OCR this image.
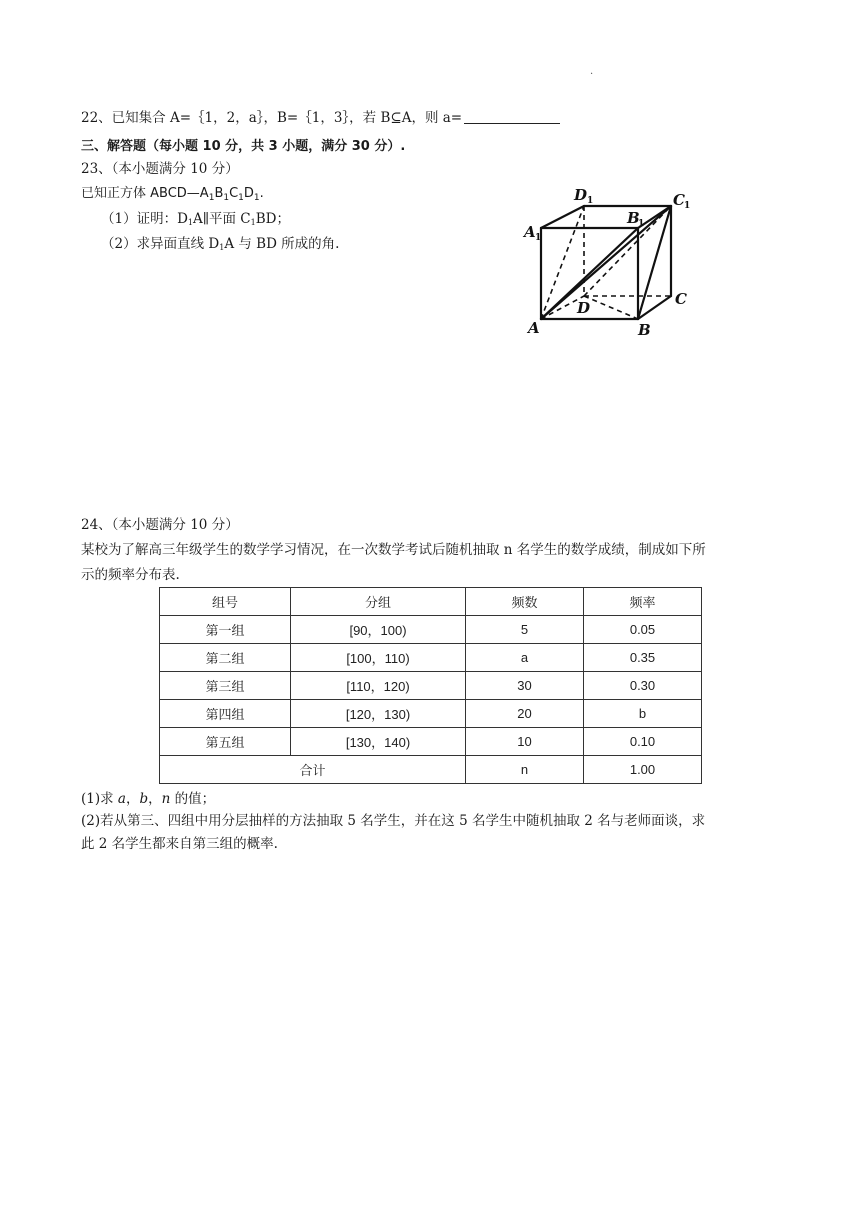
.
22、已知集合 A=｛1，2，a｝，B=｛1，3｝，若 B⊆A，则 a=
三、解答题（每小题 10 分，共 3 小题，满分 30 分）.
23、（本小题满分 10 分）
已知正方体 $ABCD—A_1B_1C_1D_1$.
（1）证明：D1A∥平面 C1BD；
（2）求异面直线 D1A 与 BD 所成的角.
D 1	C 1
B
1
A 1
A	B
C
D
24、（本小题满分 10 分）
某校为了解高三年级学生的数学学习情况，在一次数学考试后随机抽取 n 名学生的数学成绩，制成如下所
示的频率分布表.
组号	分组	频数	频率
第一组	[90，100)	5	0.05
第二组	[100，110)	a	0.35
第三组	[110，120)	30	0.30
第四组	[120，130)	20	b
第五组	[130，140)	10	0.10
合计		n	1.00
(1)求 a，b，n 的值；
(2)若从第三、四组中用分层抽样的方法抽取 5 名学生，并在这 5 名学生中随机抽取 2 名与老师面谈，求
此 2 名学生都来自第三组的概率.
